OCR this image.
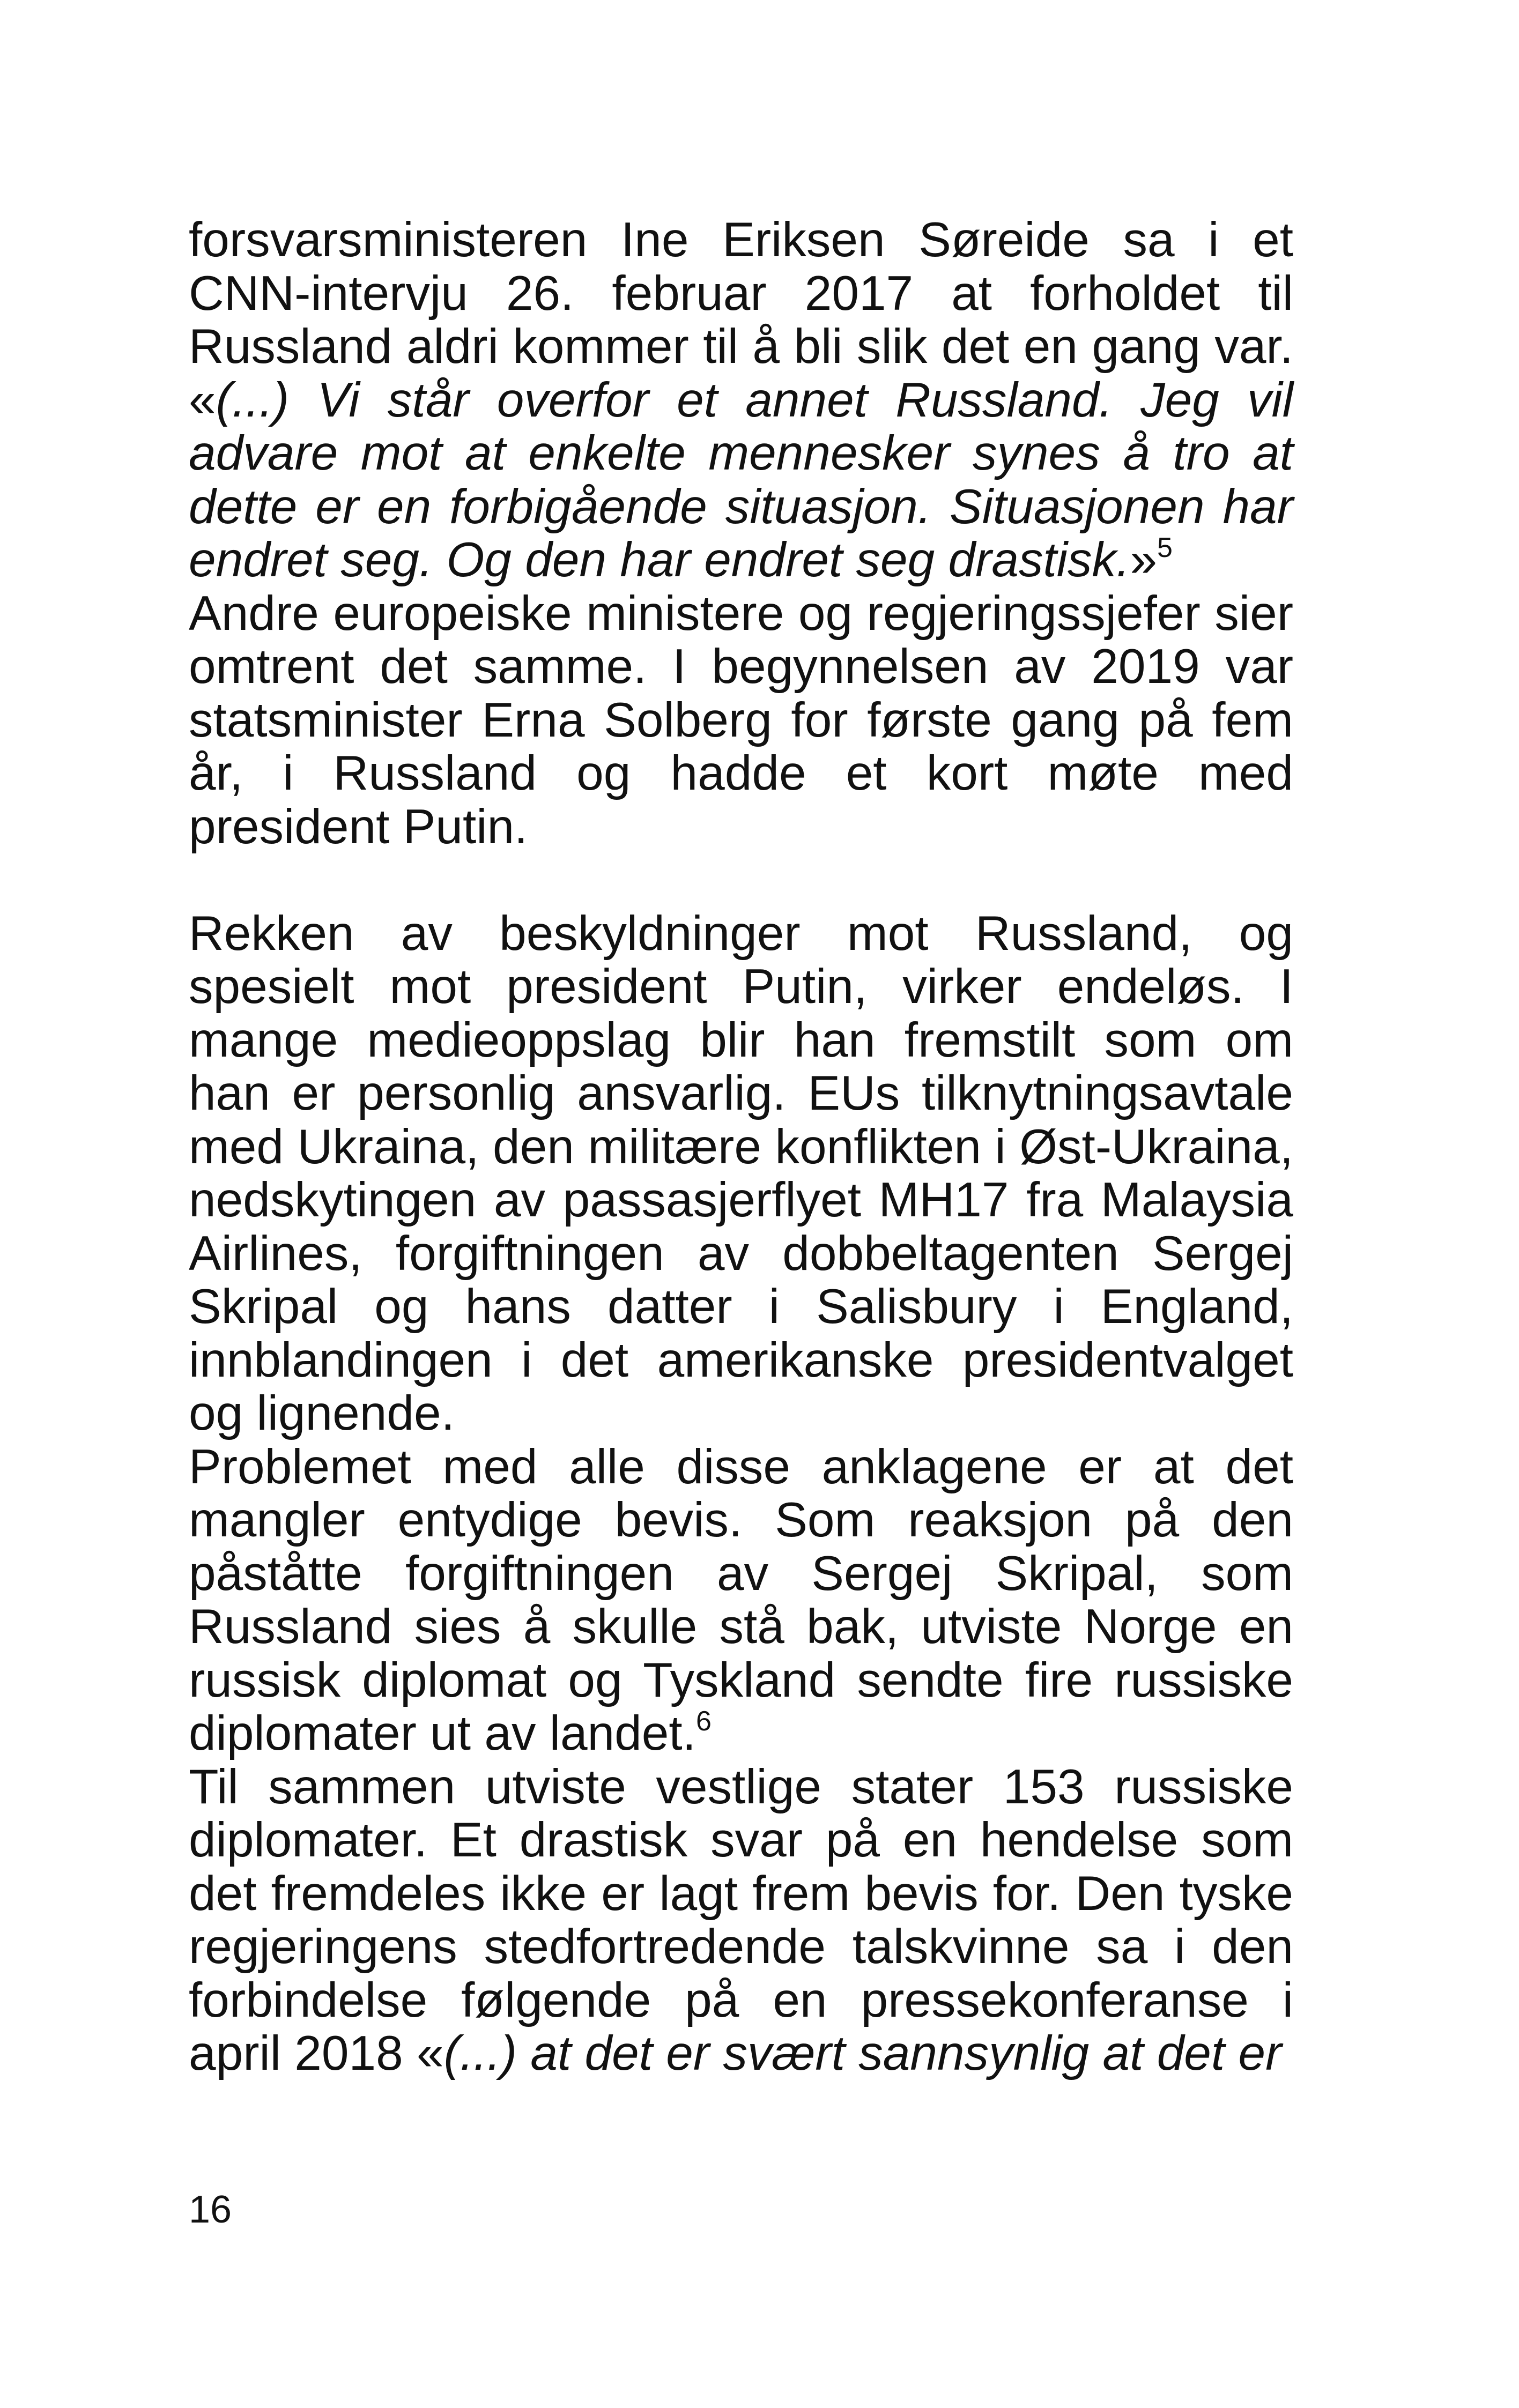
forsvarsministeren Ine Eriksen Søreide sa i et CNN-intervju 26. februar 2017 at forholdet til Russland aldri kommer til å bli slik det en gang var. «(...) Vi står overfor et annet Russland. Jeg vil advare mot at enkelte mennesker synes å tro at dette er en forbigående situasjon. Situasjonen har endret seg. Og den har endret seg drastisk.»$^5$

Andre europeiske ministere og regjeringssjefer sier omtrent det samme. I begynnelsen av 2019 var statsminister Erna Solberg for første gang på fem år, i Russland og hadde et kort møte med president Putin.

Rekken av beskyldninger mot Russland, og spesielt mot president Putin, virker endeløs. I mange medieoppslag blir han fremstilt som om han er personlig ansvarlig. EUs tilknytningsavtale med Ukraina, den militære konflikten i Øst-Ukraina, nedskytingen av passasjerflyet MH17 fra Malaysia Airlines, forgiftningen av dobbeltagenten Sergej Skripal og hans datter i Salisbury i England, innblandingen i det amerikanske presidentvalget og lignende.

Problemet med alle disse anklagene er at det mangler entydige bevis. Som reaksjon på den påståtte forgiftningen av Sergej Skripal, som Russland sies å skulle stå bak, utviste Norge en russisk diplomat og Tyskland sendte fire russiske diplomater ut av landet.$^6$

Til sammen utviste vestlige stater 153 russiske diplomater. Et drastisk svar på en hendelse som det fremdeles ikke er lagt frem bevis for. Den tyske regjeringens stedfortredende talskvinne sa i den forbindelse følgende på en pressekonferanse i april 2018 «(...) at det er svært sannsynlig at det er

16
